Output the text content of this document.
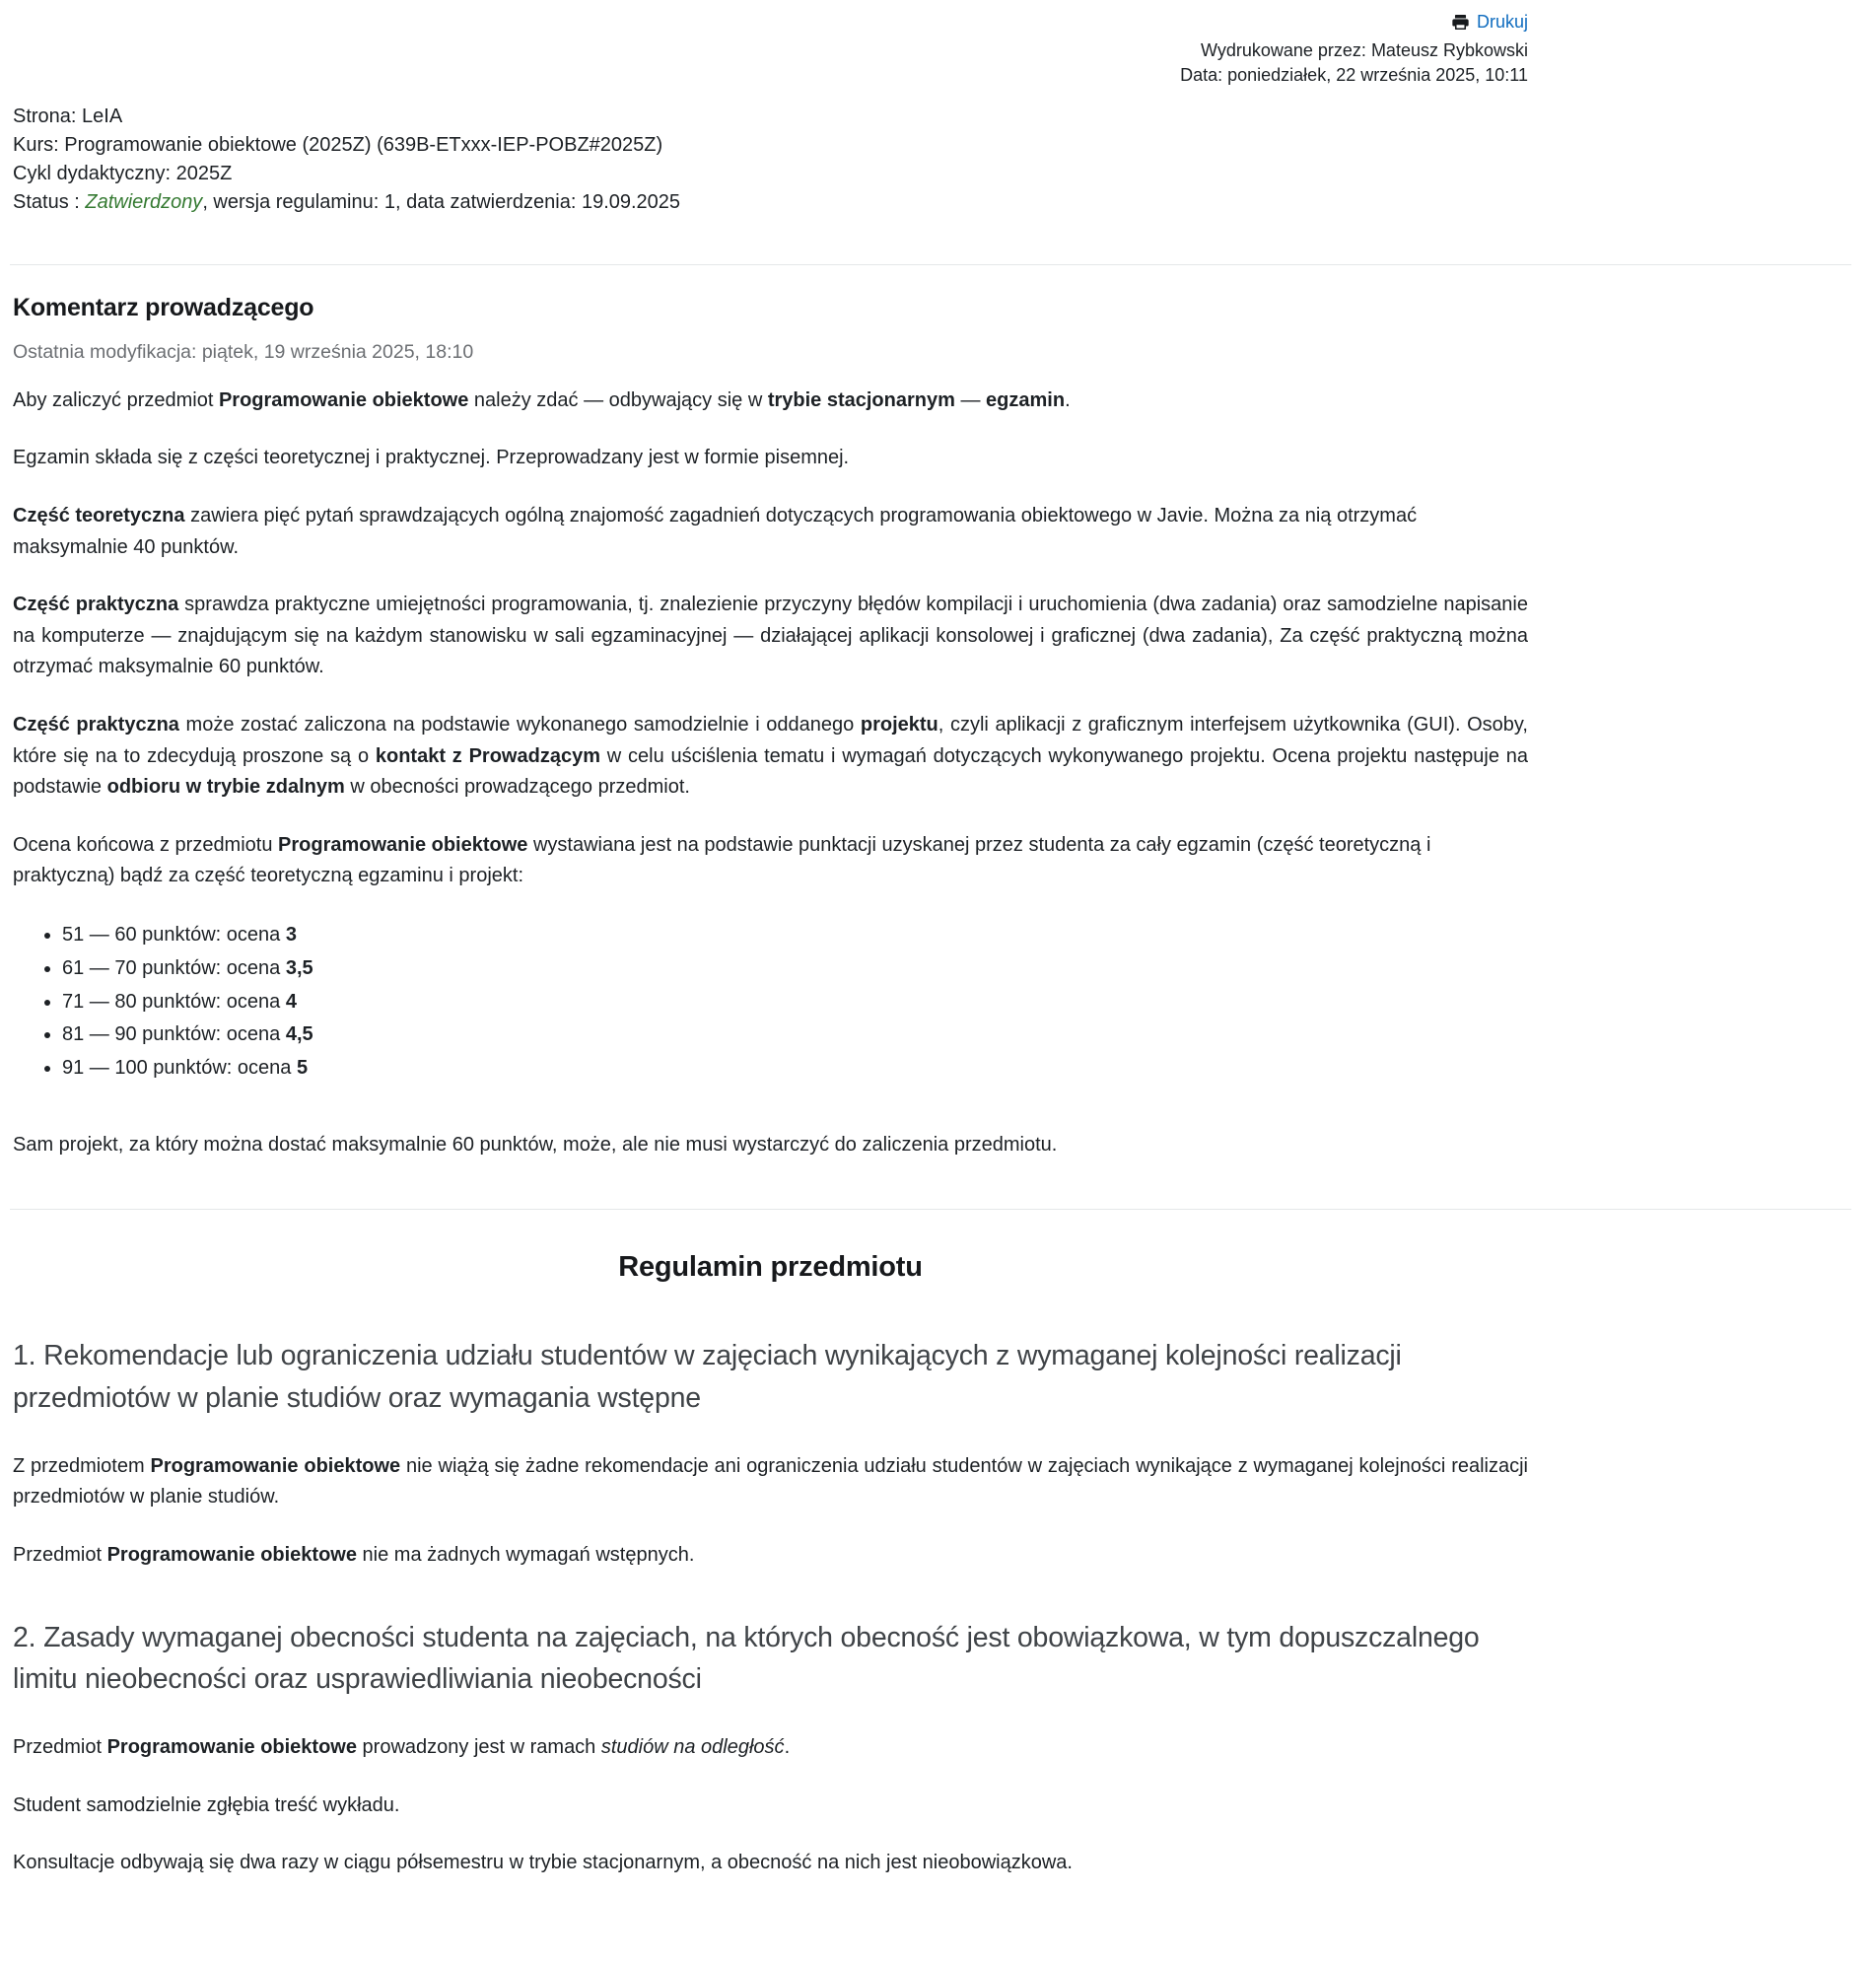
Drukuj
Wydrukowane przez: Mateusz Rybkowski
Data: poniedziałek, 22 września 2025, 10:11
Strona: LeIA
Kurs: Programowanie obiektowe (2025Z) (639B-ETxxx-IEP-POBZ#2025Z)
Cykl dydaktyczny: 2025Z
Status : Zatwierdzony, wersja regulaminu: 1, data zatwierdzenia: 19.09.2025
Komentarz prowadzącego
Ostatnia modyfikacja: piątek, 19 września 2025, 18:10

Aby zaliczyć przedmiot Programowanie obiektowe należy zdać — odbywający się w trybie stacjonarnym — egzamin.

Egzamin składa się z części teoretycznej i praktycznej. Przeprowadzany jest w formie pisemnej.

Część teoretyczna zawiera pięć pytań sprawdzających ogólną znajomość zagadnień dotyczących programowania obiektowego w Javie. Można za nią otrzymać maksymalnie 40 punktów.

Część praktyczna sprawdza praktyczne umiejętności programowania, tj. znalezienie przyczyny błędów kompilacji i uruchomienia (dwa zadania) oraz samodzielne napisanie na komputerze — znajdującym się na każdym stanowisku w sali egzaminacyjnej — działającej aplikacji konsolowej i graficznej (dwa zadania), Za część praktyczną można otrzymać maksymalnie 60 punktów.

Część praktyczna może zostać zaliczona na podstawie wykonanego samodzielnie i oddanego projektu, czyli aplikacji z graficznym interfejsem użytkownika (GUI). Osoby, które się na to zdecydują proszone są o kontakt z Prowadzącym w celu uściślenia tematu i wymagań dotyczących wykonywanego projektu. Ocena projektu następuje na podstawie odbioru w trybie zdalnym w obecności prowadzącego przedmiot.

Ocena końcowa z przedmiotu Programowanie obiektowe wystawiana jest na podstawie punktacji uzyskanej przez studenta za cały egzamin (część teoretyczną i praktyczną) bądź za część teoretyczną egzaminu i projekt:

• 51 — 60 punktów: ocena 3
• 61 — 70 punktów: ocena 3,5
• 71 — 80 punktów: ocena 4
• 81 — 90 punktów: ocena 4,5
• 91 — 100 punktów: ocena 5

Sam projekt, za który można dostać maksymalnie 60 punktów, może, ale nie musi wystarczyć do zaliczenia przedmiotu.

Regulamin przedmiotu
1. Rekomendacje lub ograniczenia udziału studentów w zajęciach wynikających z wymaganej kolejności realizacji przedmiotów w planie studiów oraz wymagania wstępne

Z przedmiotem Programowanie obiektowe nie wiążą się żadne rekomendacje ani ograniczenia udziału studentów w zajęciach wynikające z wymaganej kolejności realizacji przedmiotów w planie studiów.

Przedmiot Programowanie obiektowe nie ma żadnych wymagań wstępnych.

2. Zasady wymaganej obecności studenta na zajęciach, na których obecność jest obowiązkowa, w tym dopuszczalnego limitu nieobecności oraz usprawiedliwiania nieobecności

Przedmiot Programowanie obiektowe prowadzony jest w ramach studiów na odległość.

Student samodzielnie zgłębia treść wykładu.

Konsultacje odbywają się dwa razy w ciągu półsemestru w trybie stacjonarnym, a obecność na nich jest nieobowiązkowa.
